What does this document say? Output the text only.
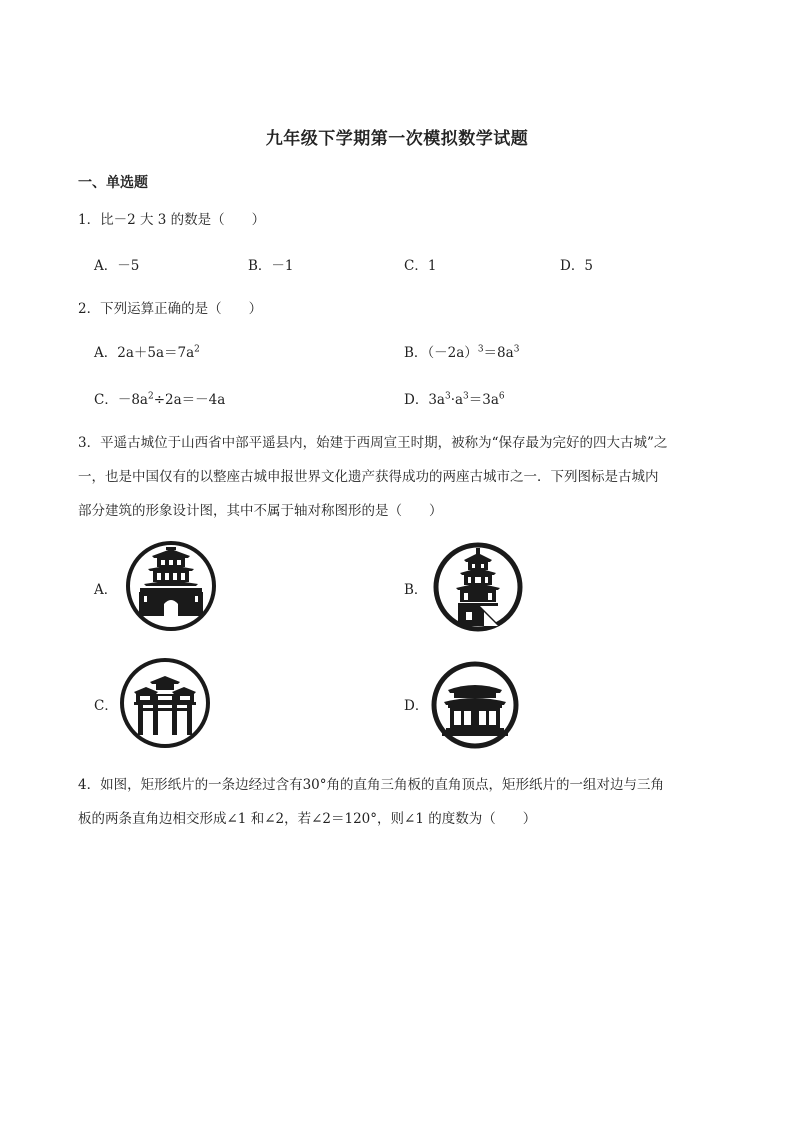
九年级下学期第一次模拟数学试题
一、单选题
1．比－2 大 3 的数是（　　）
A．－5	B．－1	C．1	D．5
2．下列运算正确的是（　　）
A．$2a+5a=7a^2$	B．$(-2a)^3=8a^3$
C．$-8a^2\div 2a=-4a$	D．$3a^3\cdot a^3=3a^6$
3．平遥古城位于山西省中部平遥县内，始建于西周宣王时期，被称为“保存最为完好的四大古城”之
一，也是中国仅有的以整座古城申报世界文化遗产获得成功的两座古城市之一．下列图标是古城内
部分建筑的形象设计图，其中不属于轴对称图形的是（　　）
A．	B．
C．	D．
4．如图，矩形纸片的一条边经过含有30°角的直角三角板的直角顶点，矩形纸片的一组对边与三角
板的两条直角边相交形成∠1 和∠2，若∠2＝120°，则∠1 的度数为（　　）
